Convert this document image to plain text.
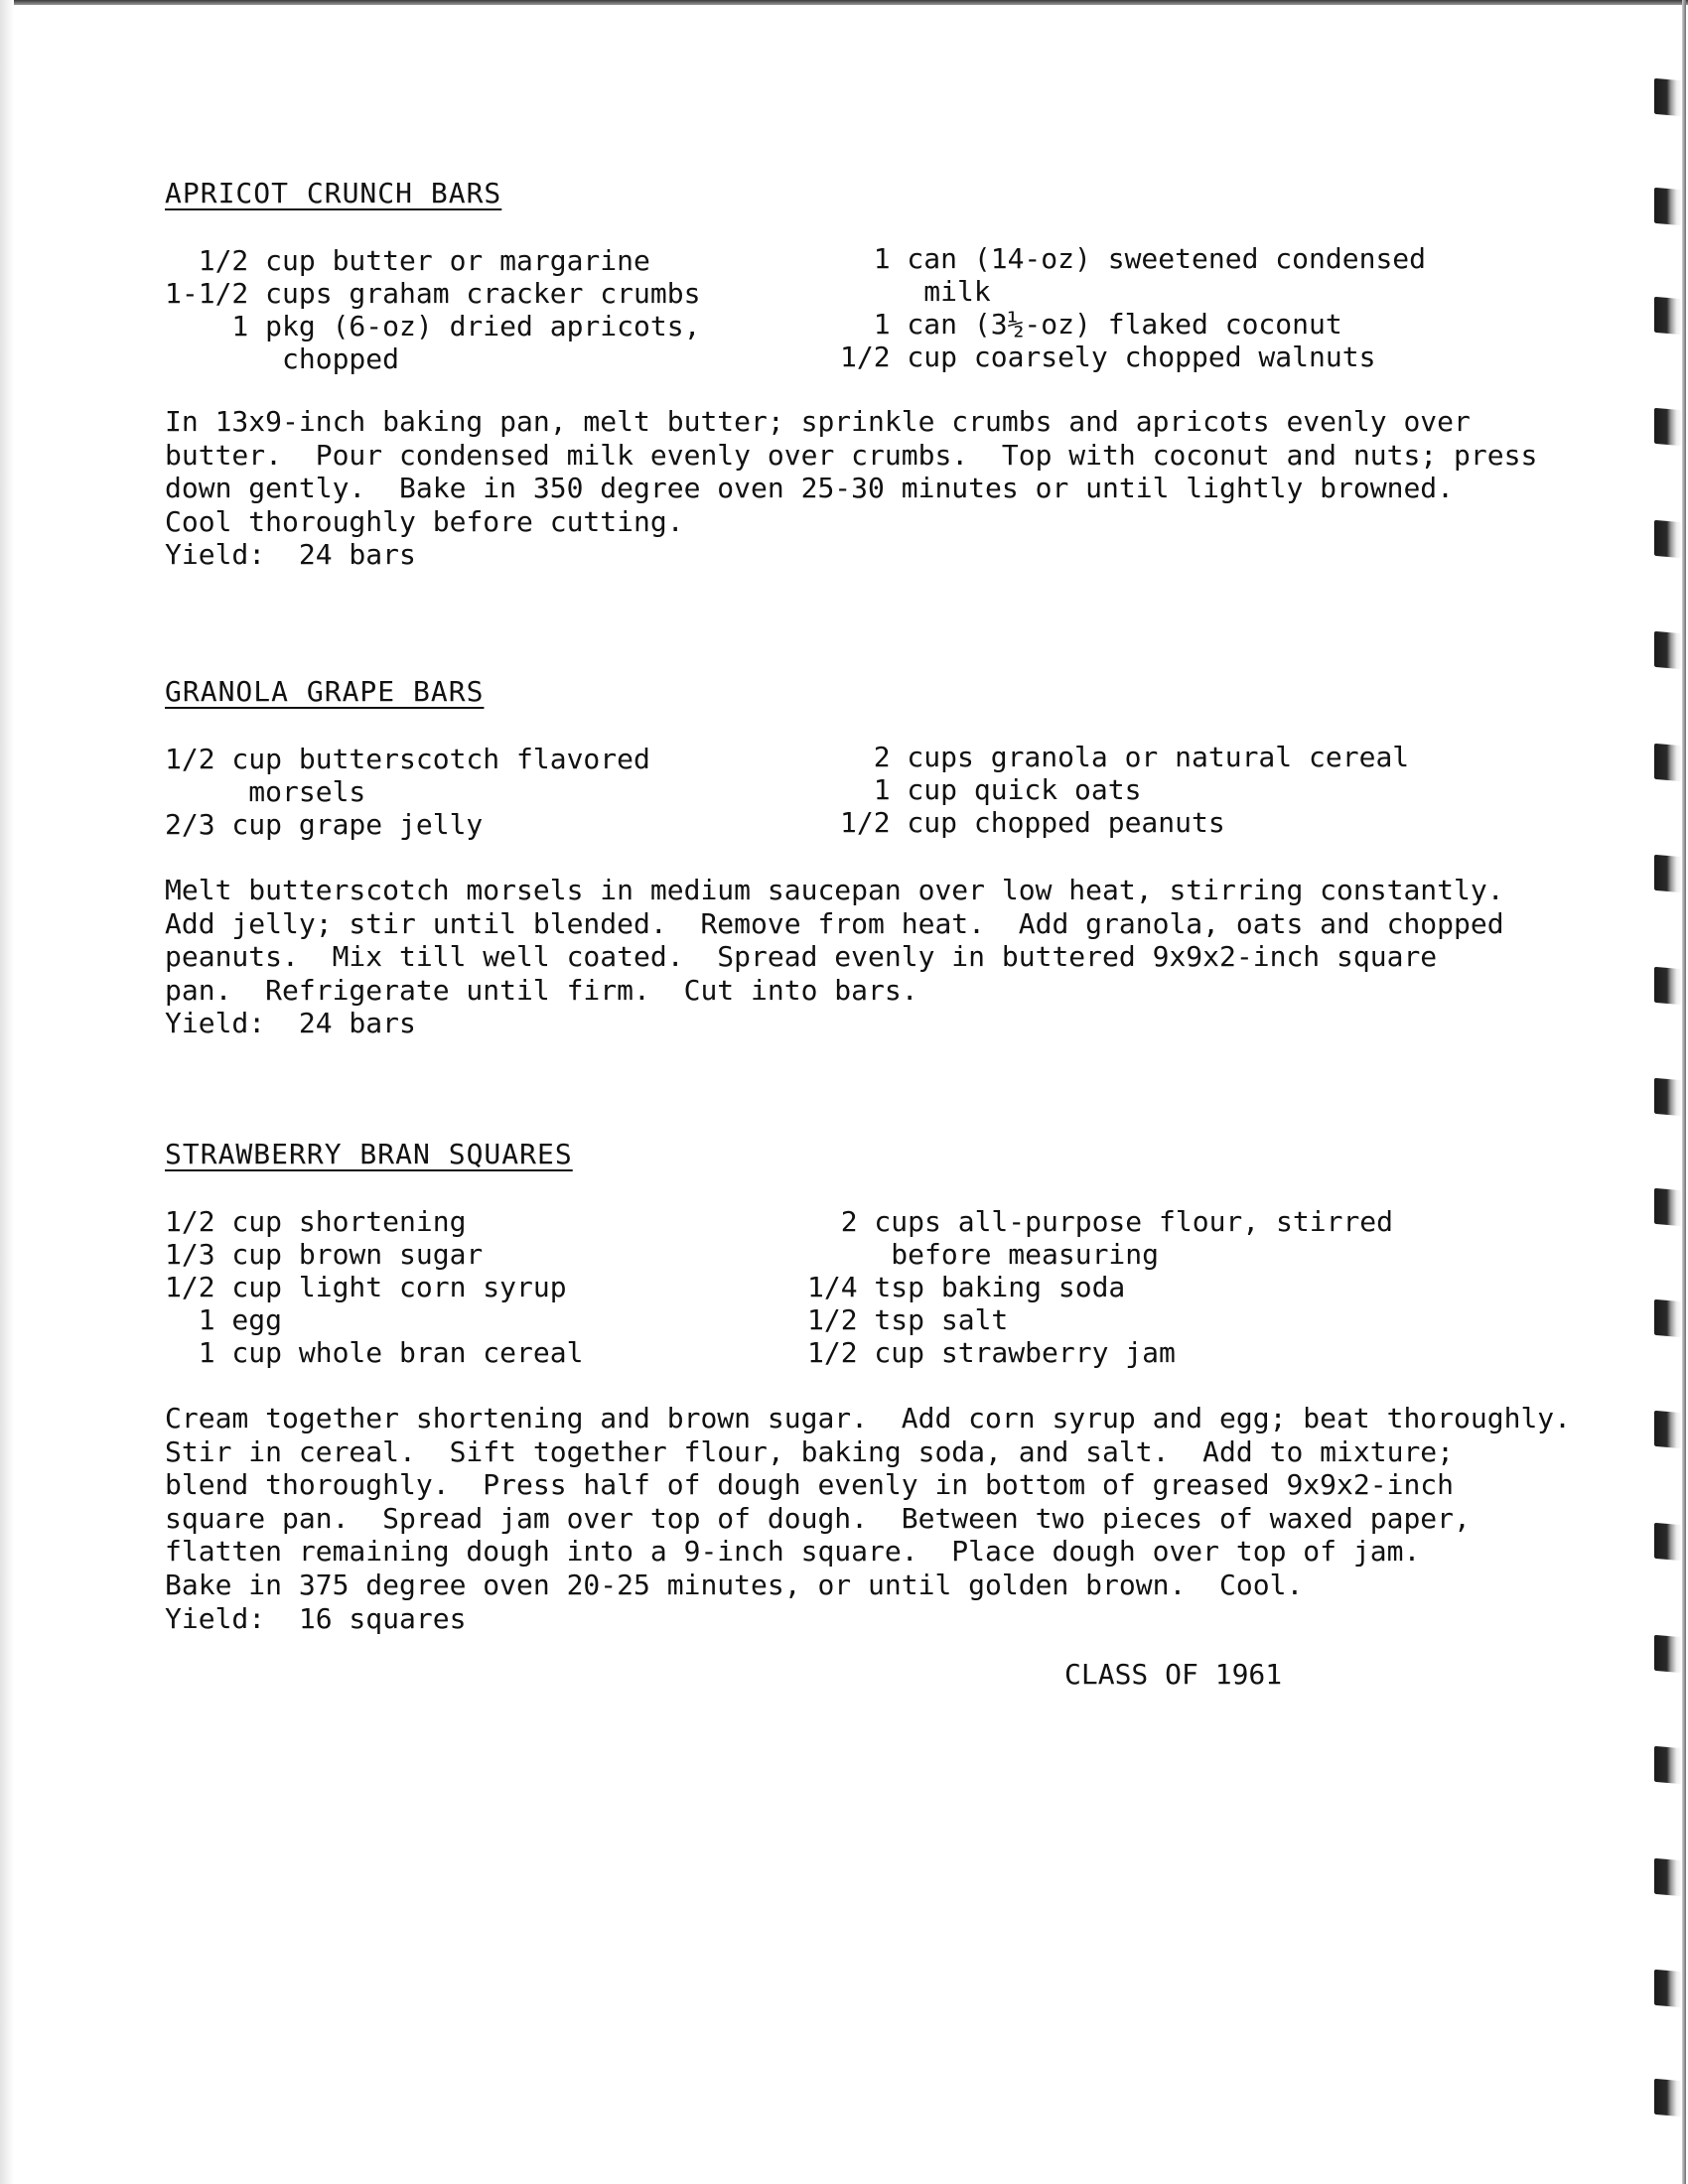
APRICOT CRUNCH BARS
1/2 cup butter or margarine
1-1/2 cups graham cracker crumbs
1 pkg (6-oz) dried apricots,
chopped
1 can (14-oz) sweetened condensed
milk
1 can (3½-oz) flaked coconut
1/2 cup coarsely chopped walnuts
In 13x9-inch baking pan, melt butter; sprinkle crumbs and apricots evenly over
butter.  Pour condensed milk evenly over crumbs.  Top with coconut and nuts; press
down gently.  Bake in 350 degree oven 25-30 minutes or until lightly browned.
Cool thoroughly before cutting.
Yield:  24 bars
GRANOLA GRAPE BARS
1/2 cup butterscotch flavored
morsels
2/3 cup grape jelly
2 cups granola or natural cereal
1 cup quick oats
1/2 cup chopped peanuts
Melt butterscotch morsels in medium saucepan over low heat, stirring constantly.
Add jelly; stir until blended.  Remove from heat.  Add granola, oats and chopped
peanuts.  Mix till well coated.  Spread evenly in buttered 9x9x2-inch square
pan.  Refrigerate until firm.  Cut into bars.
Yield:  24 bars
STRAWBERRY BRAN SQUARES
1/2 cup shortening
1/3 cup brown sugar
1/2 cup light corn syrup
1 egg
1 cup whole bran cereal
2 cups all-purpose flour, stirred
before measuring
1/4 tsp baking soda
1/2 tsp salt
1/2 cup strawberry jam
Cream together shortening and brown sugar.  Add corn syrup and egg; beat thoroughly.
Stir in cereal.  Sift together flour, baking soda, and salt.  Add to mixture;
blend thoroughly.  Press half of dough evenly in bottom of greased 9x9x2-inch
square pan.  Spread jam over top of dough.  Between two pieces of waxed paper,
flatten remaining dough into a 9-inch square.  Place dough over top of jam.
Bake in 375 degree oven 20-25 minutes, or until golden brown.  Cool.
Yield:  16 squares
CLASS OF 1961
